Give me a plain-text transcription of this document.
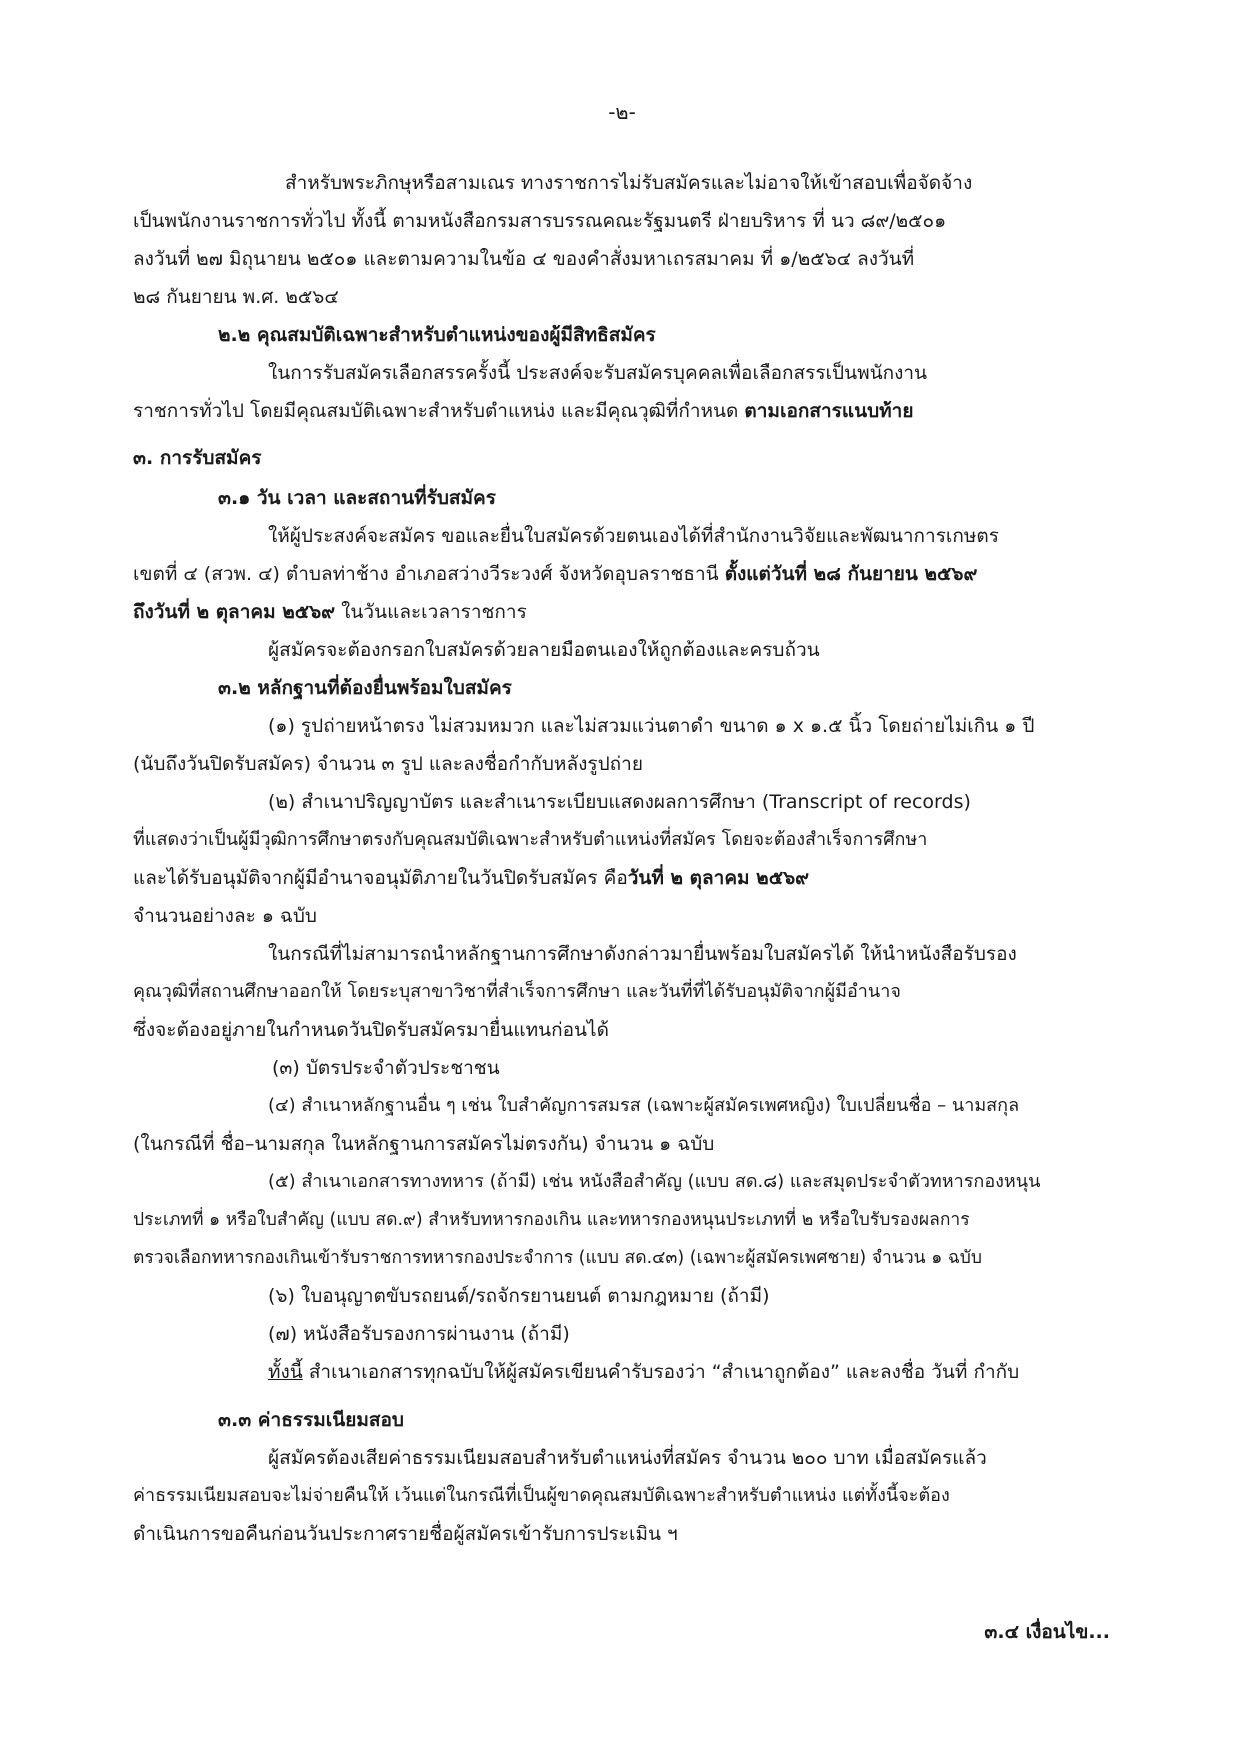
-๒-
สำหรับพระภิกษุหรือสามเณร ทางราชการไม่รับสมัครและไม่อาจให้เข้าสอบเพื่อจัดจ้าง
เป็นพนักงานราชการทั่วไป ทั้งนี้ ตามหนังสือกรมสารบรรณคณะรัฐมนตรี ฝ่ายบริหาร ที่ นว ๘๙/๒๕๐๑
ลงวันที่ ๒๗ มิถุนายน ๒๕๐๑ และตามความในข้อ ๔ ของคำสั่งมหาเถรสมาคม ที่ ๑/๒๕๖๔ ลงวันที่
๒๘ กันยายน พ.ศ. ๒๕๖๔
๒.๒ คุณสมบัติเฉพาะสำหรับตำแหน่งของผู้มีสิทธิสมัคร
ในการรับสมัครเลือกสรรครั้งนี้ ประสงค์จะรับสมัครบุคคลเพื่อเลือกสรรเป็นพนักงาน
ราชการทั่วไป โดยมีคุณสมบัติเฉพาะสำหรับตำแหน่ง และมีคุณวุฒิที่กำหนด ตามเอกสารแนบท้าย
๓. การรับสมัคร
๓.๑ วัน เวลา และสถานที่รับสมัคร
ให้ผู้ประสงค์จะสมัคร ขอและยื่นใบสมัครด้วยตนเองได้ที่สำนักงานวิจัยและพัฒนาการเกษตร
เขตที่ ๔ (สวพ. ๔) ตำบลท่าช้าง อำเภอสว่างวีระวงศ์ จังหวัดอุบลราชธานี ตั้งแต่วันที่ ๒๘ กันยายน ๒๕๖๙
ถึงวันที่ ๒ ตุลาคม ๒๕๖๙ ในวันและเวลาราชการ
ผู้สมัครจะต้องกรอกใบสมัครด้วยลายมือตนเองให้ถูกต้องและครบถ้วน
๓.๒ หลักฐานที่ต้องยื่นพร้อมใบสมัคร
(๑) รูปถ่ายหน้าตรง ไม่สวมหมวก และไม่สวมแว่นตาดำ ขนาด ๑ x ๑.๕ นิ้ว โดยถ่ายไม่เกิน ๑ ปี
(นับถึงวันปิดรับสมัคร) จำนวน ๓ รูป และลงชื่อกำกับหลังรูปถ่าย
(๒) สำเนาปริญญาบัตร และสำเนาระเบียบแสดงผลการศึกษา (Transcript of records)
ที่แสดงว่าเป็นผู้มีวุฒิการศึกษาตรงกับคุณสมบัติเฉพาะสำหรับตำแหน่งที่สมัคร โดยจะต้องสำเร็จการศึกษา
และได้รับอนุมัติจากผู้มีอำนาจอนุมัติภายในวันปิดรับสมัคร คือวันที่ ๒ ตุลาคม ๒๕๖๙
จำนวนอย่างละ ๑ ฉบับ
ในกรณีที่ไม่สามารถนำหลักฐานการศึกษาดังกล่าวมายื่นพร้อมใบสมัครได้ ให้นำหนังสือรับรอง
คุณวุฒิที่สถานศึกษาออกให้ โดยระบุสาขาวิชาที่สำเร็จการศึกษา และวันที่ที่ได้รับอนุมัติจากผู้มีอำนาจ
ซึ่งจะต้องอยู่ภายในกำหนดวันปิดรับสมัครมายื่นแทนก่อนได้
(๓) บัตรประจำตัวประชาชน
(๔) สำเนาหลักฐานอื่น ๆ เช่น ใบสำคัญการสมรส (เฉพาะผู้สมัครเพศหญิง) ใบเปลี่ยนชื่อ – นามสกุล
(ในกรณีที่ ชื่อ–นามสกุล ในหลักฐานการสมัครไม่ตรงกัน) จำนวน ๑ ฉบับ
(๕) สำเนาเอกสารทางทหาร (ถ้ามี) เช่น หนังสือสำคัญ (แบบ สด.๘) และสมุดประจำตัวทหารกองหนุน
ประเภทที่ ๑ หรือใบสำคัญ (แบบ สด.๙) สำหรับทหารกองเกิน และทหารกองหนุนประเภทที่ ๒ หรือใบรับรองผลการ
ตรวจเลือกทหารกองเกินเข้ารับราชการทหารกองประจำการ (แบบ สด.๔๓) (เฉพาะผู้สมัครเพศชาย) จำนวน ๑ ฉบับ
(๖) ใบอนุญาตขับรถยนต์/รถจักรยานยนต์ ตามกฎหมาย (ถ้ามี)
(๗) หนังสือรับรองการผ่านงาน (ถ้ามี)
ทั้งนี้ สำเนาเอกสารทุกฉบับให้ผู้สมัครเขียนคำรับรองว่า “สำเนาถูกต้อง” และลงชื่อ วันที่ กำกับ
๓.๓ ค่าธรรมเนียมสอบ
ผู้สมัครต้องเสียค่าธรรมเนียมสอบสำหรับตำแหน่งที่สมัคร จำนวน ๒๐๐ บาท เมื่อสมัครแล้ว
ค่าธรรมเนียมสอบจะไม่จ่ายคืนให้ เว้นแต่ในกรณีที่เป็นผู้ขาดคุณสมบัติเฉพาะสำหรับตำแหน่ง แต่ทั้งนี้จะต้อง
ดำเนินการขอคืนก่อนวันประกาศรายชื่อผู้สมัครเข้ารับการประเมิน ฯ
๓.๔ เงื่อนไข...
